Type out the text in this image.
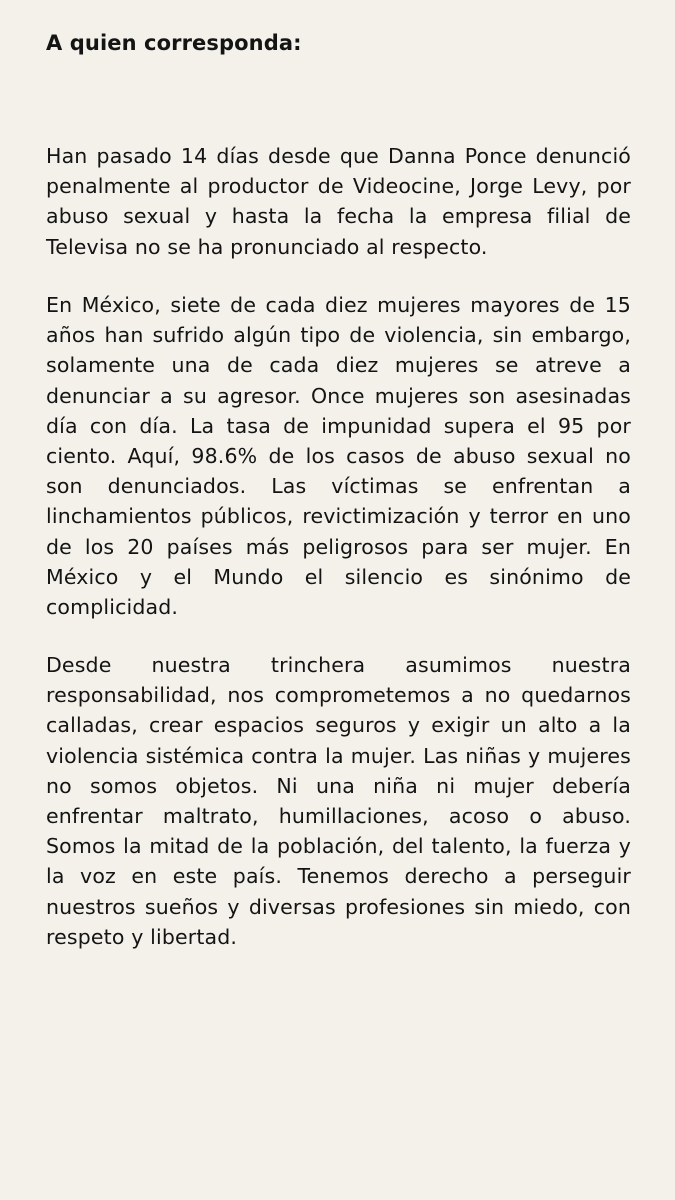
A quien corresponda:

Han pasado 14 días desde que Danna Ponce denunció penalmente al productor de Videocine, Jorge Levy, por abuso sexual y hasta la fecha la empresa filial de Televisa no se ha pronunciado al respecto.

En México, siete de cada diez mujeres mayores de 15 años han sufrido algún tipo de violencia, sin embargo, solamente una de cada diez mujeres se atreve a denunciar a su agresor. Once mujeres son asesinadas día con día. La tasa de impunidad supera el 95 por ciento. Aquí, 98.6% de los casos de abuso sexual no son denunciados. Las víctimas se enfrentan a linchamientos públicos, revictimización y terror en uno de los 20 países más peligrosos para ser mujer. En México y el Mundo el silencio es sinónimo de complicidad.

Desde nuestra trinchera asumimos nuestra responsabilidad, nos comprometemos a no quedarnos calladas, crear espacios seguros y exigir un alto a la violencia sistémica contra la mujer. Las niñas y mujeres no somos objetos. Ni una niña ni mujer debería enfrentar maltrato, humillaciones, acoso o abuso. Somos la mitad de la población, del talento, la fuerza y la voz en este país. Tenemos derecho a perseguir nuestros sueños y diversas profesiones sin miedo, con respeto y libertad.
